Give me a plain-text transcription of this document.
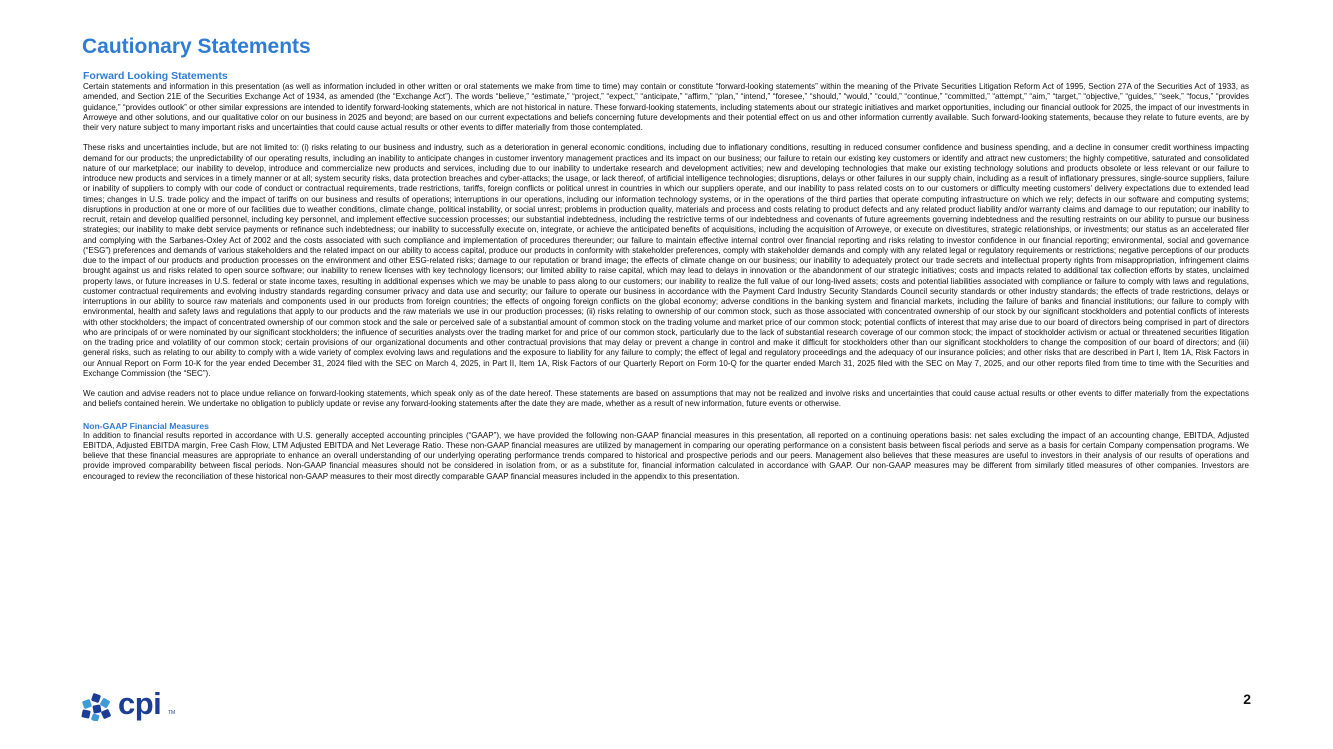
Cautionary Statements
Forward Looking Statements

Certain statements and information in this presentation (as well as information included in other written or oral statements we make from time to time) may contain or constitute “forward-looking statements” within the meaning of the Private Securities Litigation Reform Act of 1995, Section 27A of the Securities Act of 1933, as amended, and Section 21E of the Securities Exchange Act of 1934, as amended (the “Exchange Act”). The words “believe,” “estimate,” “project,” “expect,” “anticipate,” “affirm,” “plan,” “intend,” “foresee,” “should,” “would,” “could,” “continue,” “committed,” “attempt,” “aim,” “target,” “objective,” “guides,” “seek,” “focus,” “provides guidance,” “provides outlook” or other similar expressions are intended to identify forward-looking statements, which are not historical in nature. These forward-looking statements, including statements about our strategic initiatives and market opportunities, including our financial outlook for 2025, the impact of our investments in Arroweye and other solutions, and our qualitative color on our business in 2025 and beyond; are based on our current expectations and beliefs concerning future developments and their potential effect on us and other information currently available. Such forward-looking statements, because they relate to future events, are by their very nature subject to many important risks and uncertainties that could cause actual results or other events to differ materially from those contemplated.

These risks and uncertainties include, but are not limited to: (i) risks relating to our business and industry, such as a deterioration in general economic conditions, including due to inflationary conditions, resulting in reduced consumer confidence and business spending, and a decline in consumer credit worthiness impacting demand for our products; the unpredictability of our operating results, including an inability to anticipate changes in customer inventory management practices and its impact on our business; our failure to retain our existing key customers or identify and attract new customers; the highly competitive, saturated and consolidated nature of our marketplace; our inability to develop, introduce and commercialize new products and services, including due to our inability to undertake research and development activities; new and developing technologies that make our existing technology solutions and products obsolete or less relevant or our failure to introduce new products and services in a timely manner or at all; system security risks, data protection breaches and cyber-attacks; the usage, or lack thereof, of artificial intelligence technologies; disruptions, delays or other failures in our supply chain, including as a result of inflationary pressures, single-source suppliers, failure or inability of suppliers to comply with our code of conduct or contractual requirements, trade restrictions, tariffs, foreign conflicts or political unrest in countries in which our suppliers operate, and our inability to pass related costs on to our customers or difficulty meeting customers’ delivery expectations due to extended lead times; changes in U.S. trade policy and the impact of tariffs on our business and results of operations; interruptions in our operations, including our information technology systems, or in the operations of the third parties that operate computing infrastructure on which we rely; defects in our software and computing systems; disruptions in production at one or more of our facilities due to weather conditions, climate change, political instability, or social unrest; problems in production quality, materials and process and costs relating to product defects and any related product liability and/or warranty claims and damage to our reputation; our inability to recruit, retain and develop qualified personnel, including key personnel, and implement effective succession processes; our substantial indebtedness, including the restrictive terms of our indebtedness and covenants of future agreements governing indebtedness and the resulting restraints on our ability to pursue our business strategies; our inability to make debt service payments or refinance such indebtedness; our inability to successfully execute on, integrate, or achieve the anticipated benefits of acquisitions, including the acquisition of Arroweye, or execute on divestitures, strategic relationships, or investments; our status as an accelerated filer and complying with the Sarbanes-Oxley Act of 2002 and the costs associated with such compliance and implementation of procedures thereunder; our failure to maintain effective internal control over financial reporting and risks relating to investor confidence in our financial reporting; environmental, social and governance (“ESG”) preferences and demands of various stakeholders and the related impact on our ability to access capital, produce our products in conformity with stakeholder preferences, comply with stakeholder demands and comply with any related legal or regulatory requirements or restrictions; negative perceptions of our products due to the impact of our products and production processes on the environment and other ESG-related risks; damage to our reputation or brand image; the effects of climate change on our business; our inability to adequately protect our trade secrets and intellectual property rights from misappropriation, infringement claims brought against us and risks related to open source software; our inability to renew licenses with key technology licensors; our limited ability to raise capital, which may lead to delays in innovation or the abandonment of our strategic initiatives; costs and impacts related to additional tax collection efforts by states, unclaimed property laws, or future increases in U.S. federal or state income taxes, resulting in additional expenses which we may be unable to pass along to our customers; our inability to realize the full value of our long-lived assets; costs and potential liabilities associated with compliance or failure to comply with laws and regulations, customer contractual requirements and evolving industry standards regarding consumer privacy and data use and security; our failure to operate our business in accordance with the Payment Card Industry Security Standards Council security standards or other industry standards; the effects of trade restrictions, delays or interruptions in our ability to source raw materials and components used in our products from foreign countries; the effects of ongoing foreign conflicts on the global economy; adverse conditions in the banking system and financial markets, including the failure of banks and financial institutions; our failure to comply with environmental, health and safety laws and regulations that apply to our products and the raw materials we use in our production processes; (ii) risks relating to ownership of our common stock, such as those associated with concentrated ownership of our stock by our significant stockholders and potential conflicts of interests with other stockholders; the impact of concentrated ownership of our common stock and the sale or perceived sale of a substantial amount of common stock on the trading volume and market price of our common stock; potential conflicts of interest that may arise due to our board of directors being comprised in part of directors who are principals of or were nominated by our significant stockholders; the influence of securities analysts over the trading market for and price of our common stock, particularly due to the lack of substantial research coverage of our common stock; the impact of stockholder activism or actual or threatened securities litigation on the trading price and volatility of our common stock; certain provisions of our organizational documents and other contractual provisions that may delay or prevent a change in control and make it difficult for stockholders other than our significant stockholders to change the composition of our board of directors; and (iii) general risks, such as relating to our ability to comply with a wide variety of complex evolving laws and regulations and the exposure to liability for any failure to comply; the effect of legal and regulatory proceedings and the adequacy of our insurance policies; and other risks that are described in Part I, Item 1A, Risk Factors in our Annual Report on Form 10-K for the year ended December 31, 2024 filed with the SEC on March 4, 2025, in Part II, Item 1A, Risk Factors of our Quarterly Report on Form 10-Q for the quarter ended March 31, 2025 filed with the SEC on May 7, 2025, and our other reports filed from time to time with the Securities and Exchange Commission (the “SEC”).

We caution and advise readers not to place undue reliance on forward-looking statements, which speak only as of the date hereof. These statements are based on assumptions that may not be realized and involve risks and uncertainties that could cause actual results or other events to differ materially from the expectations and beliefs contained herein. We undertake no obligation to publicly update or revise any forward-looking statements after the date they are made, whether as a result of new information, future events or otherwise.

Non-GAAP Financial Measures

In addition to financial results reported in accordance with U.S. generally accepted accounting principles (“GAAP”), we have provided the following non-GAAP financial measures in this presentation, all reported on a continuing operations basis: net sales excluding the impact of an accounting change, EBITDA, Adjusted EBITDA, Adjusted EBITDA margin, Free Cash Flow, LTM Adjusted EBITDA and Net Leverage Ratio. These non-GAAP financial measures are utilized by management in comparing our operating performance on a consistent basis between fiscal periods and serve as a basis for certain Company compensation programs. We believe that these financial measures are appropriate to enhance an overall understanding of our underlying operating performance trends compared to historical and prospective periods and our peers. Management also believes that these measures are useful to investors in their analysis of our results of operations and provide improved comparability between fiscal periods. Non-GAAP financial measures should not be considered in isolation from, or as a substitute for, financial information calculated in accordance with GAAP. Our non-GAAP measures may be different from similarly titled measures of other companies. Investors are encouraged to review the reconciliation of these historical non-GAAP measures to their most directly comparable GAAP financial measures included in the appendix to this presentation.

cpi TM
2
